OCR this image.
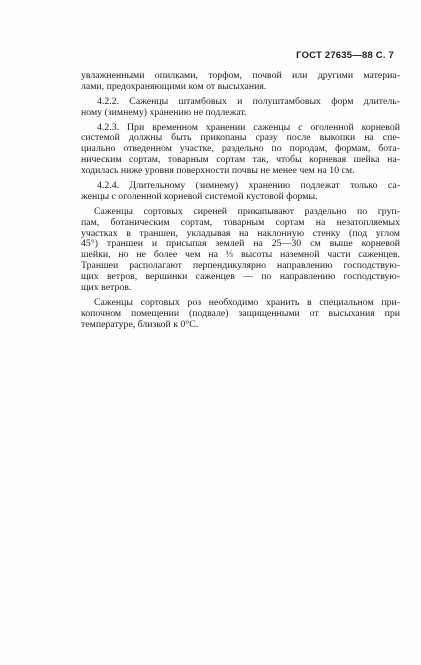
ГОСТ 27635—88 С. 7
увлажненными опилками, торфом, почвой или другими материа-
лами, предохраняющими ком от высыхания.
4.2.2. Саженцы штамбовых и полуштамбовых форм длитель-
ному (зимнему) хранению не подлежат.
4.2.3. При временном хранении саженцы с оголенной корневой
системой должны быть прикопаны сразу после выкопки на спе-
циально отведенном участке, раздельно по породам, формам, бота-
ническим сортам, товарным сортам так, чтобы корневая шейка на-
ходилась ниже уровня поверхности почвы не менее чем на 10 см.
4.2.4. Длительному (зимнему) хранению подлежат только са-
женцы с оголенной корневой системой кустовой формы.
Саженцы сортовых сиреней прикапывают раздельно по груп-
пам, ботаническим сортам, товарным сортам на незатопляемых
участках в траншеи, укладывая на наклонную стенку (под углом
45°) траншеи и присыпая землей на 25—30 см выше корневой
шейки, но не более чем на ⅓ высоты наземной части саженцев.
Траншеи располагают перпендикулярно направлению господствую-
щих ветров, вершинки саженцев — по направлению господствую-
щих ветров.
Саженцы сортовых роз необходимо хранить в специальном при-
копочном помещении (подвале) защищенными от высыхания при
температуре, близкой к 0°С.
